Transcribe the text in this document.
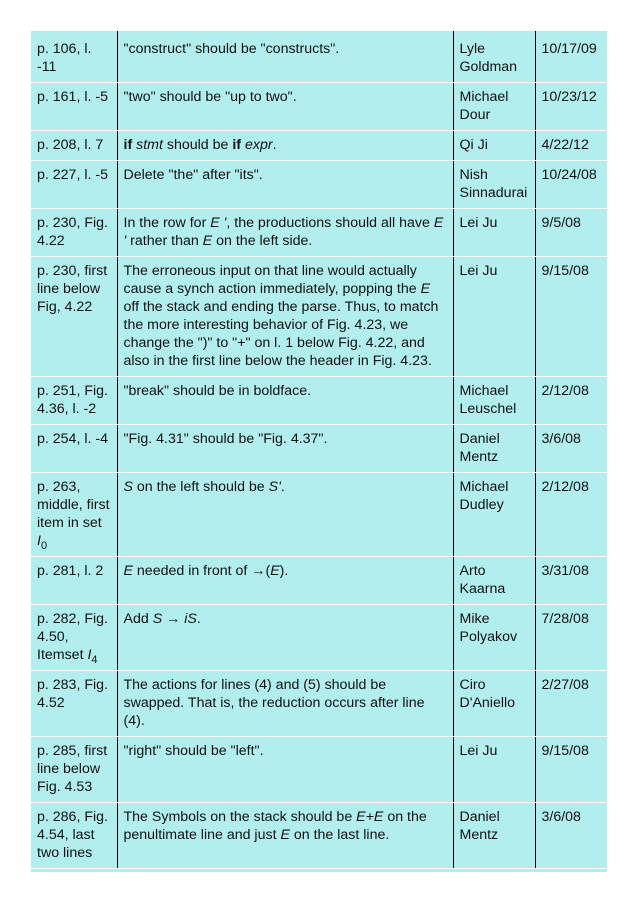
p. 106, l. -11	"construct" should be "constructs".	Lyle Goldman	10/17/09
p. 161, l. -5	"two" should be "up to two".	Michael Dour	10/23/12
p. 208, l. 7	if stmt should be if expr.	Qi Ji	4/22/12
p. 227, l. -5	Delete "the" after "its".	Nish Sinnadurai	10/24/08
p. 230, Fig. 4.22	In the row for E ', the productions should all have E ' rather than E on the left side.	Lei Ju	9/5/08
p. 230, first line below Fig, 4.22	The erroneous input on that line would actually cause a synch action immediately, popping the E off the stack and ending the parse. Thus, to match the more interesting behavior of Fig. 4.23, we change the ")" to "+" on l. 1 below Fig. 4.22, and also in the first line below the header in Fig. 4.23.	Lei Ju	9/15/08
p. 251, Fig. 4.36, l. -2	"break" should be in boldface.	Michael Leuschel	2/12/08
p. 254, l. -4	"Fig. 4.31" should be "Fig. 4.37".	Daniel Mentz	3/6/08
p. 263, middle, first item in set $I_0$	S on the left should be S'.	Michael Dudley	2/12/08
p. 281, l. 2	E needed in front of →(E).	Arto Kaarna	3/31/08
p. 282, Fig. 4.50, Itemset $I_4$	Add S → iS.	Mike Polyakov	7/28/08
p. 283, Fig. 4.52	The actions for lines (4) and (5) should be swapped. That is, the reduction occurs after line (4).	Ciro D'Aniello	2/27/08
p. 285, first line below Fig. 4.53	"right" should be "left".	Lei Ju	9/15/08
p. 286, Fig. 4.54, last two lines	The Symbols on the stack should be E+E on the penultimate line and just E on the last line.	Daniel Mentz	3/6/08
